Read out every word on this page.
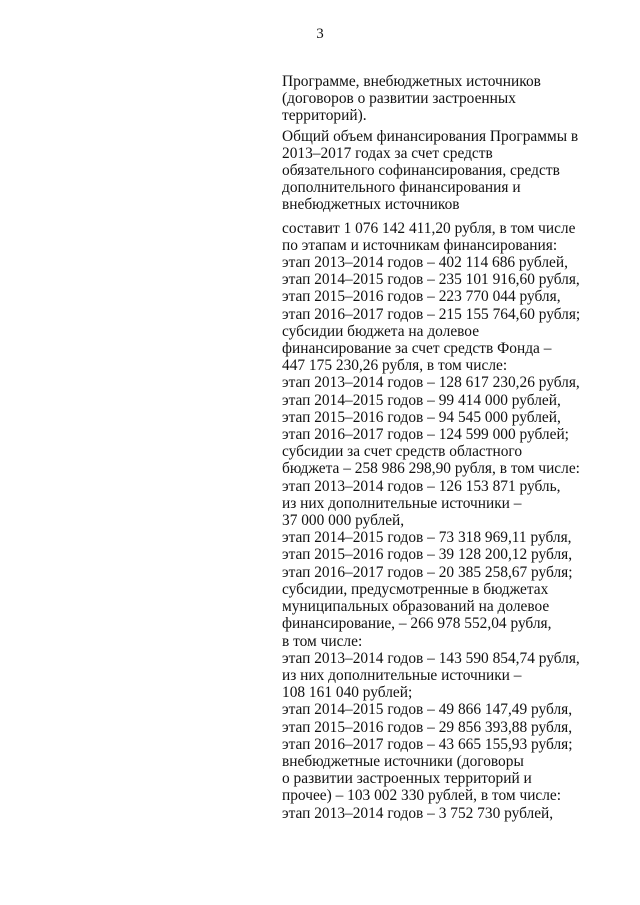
3
Программе, внебюджетных источников
(договоров о развитии застроенных
территорий).
Общий объем финансирования Программы в
2013–2017 годах за счет средств
обязательного софинансирования, средств
дополнительного финансирования и
внебюджетных источников
составит 1 076 142 411,20 рубля, в том числе
по этапам и источникам финансирования:
этап 2013–2014 годов – 402 114 686 рублей,
этап 2014–2015 годов – 235 101 916,60 рубля,
этап 2015–2016 годов – 223 770 044 рубля,
этап 2016–2017 годов – 215 155 764,60 рубля;
субсидии бюджета на долевое
финансирование за счет средств Фонда –
447 175 230,26 рубля, в том числе:
этап 2013–2014 годов – 128 617 230,26 рубля,
этап 2014–2015 годов – 99 414 000 рублей,
этап 2015–2016 годов – 94 545 000 рублей,
этап 2016–2017 годов – 124 599 000 рублей;
субсидии за счет средств областного
бюджета – 258 986 298,90 рубля, в том числе:
этап 2013–2014 годов – 126 153 871 рубль,
из них дополнительные источники –
37 000 000 рублей,
этап 2014–2015 годов – 73 318 969,11 рубля,
этап 2015–2016 годов – 39 128 200,12 рубля,
этап 2016–2017 годов – 20 385 258,67 рубля;
субсидии, предусмотренные в бюджетах
муниципальных образований на долевое
финансирование, – 266 978 552,04 рубля,
в том числе:
этап 2013–2014 годов – 143 590 854,74 рубля,
из них дополнительные источники –
108 161 040 рублей;
этап 2014–2015 годов – 49 866 147,49 рубля,
этап 2015–2016 годов – 29 856 393,88 рубля,
этап 2016–2017 годов – 43 665 155,93 рубля;
внебюджетные источники (договоры
о развитии застроенных территорий и
прочее) – 103 002 330 рублей, в том числе:
этап 2013–2014 годов – 3 752 730 рублей,
